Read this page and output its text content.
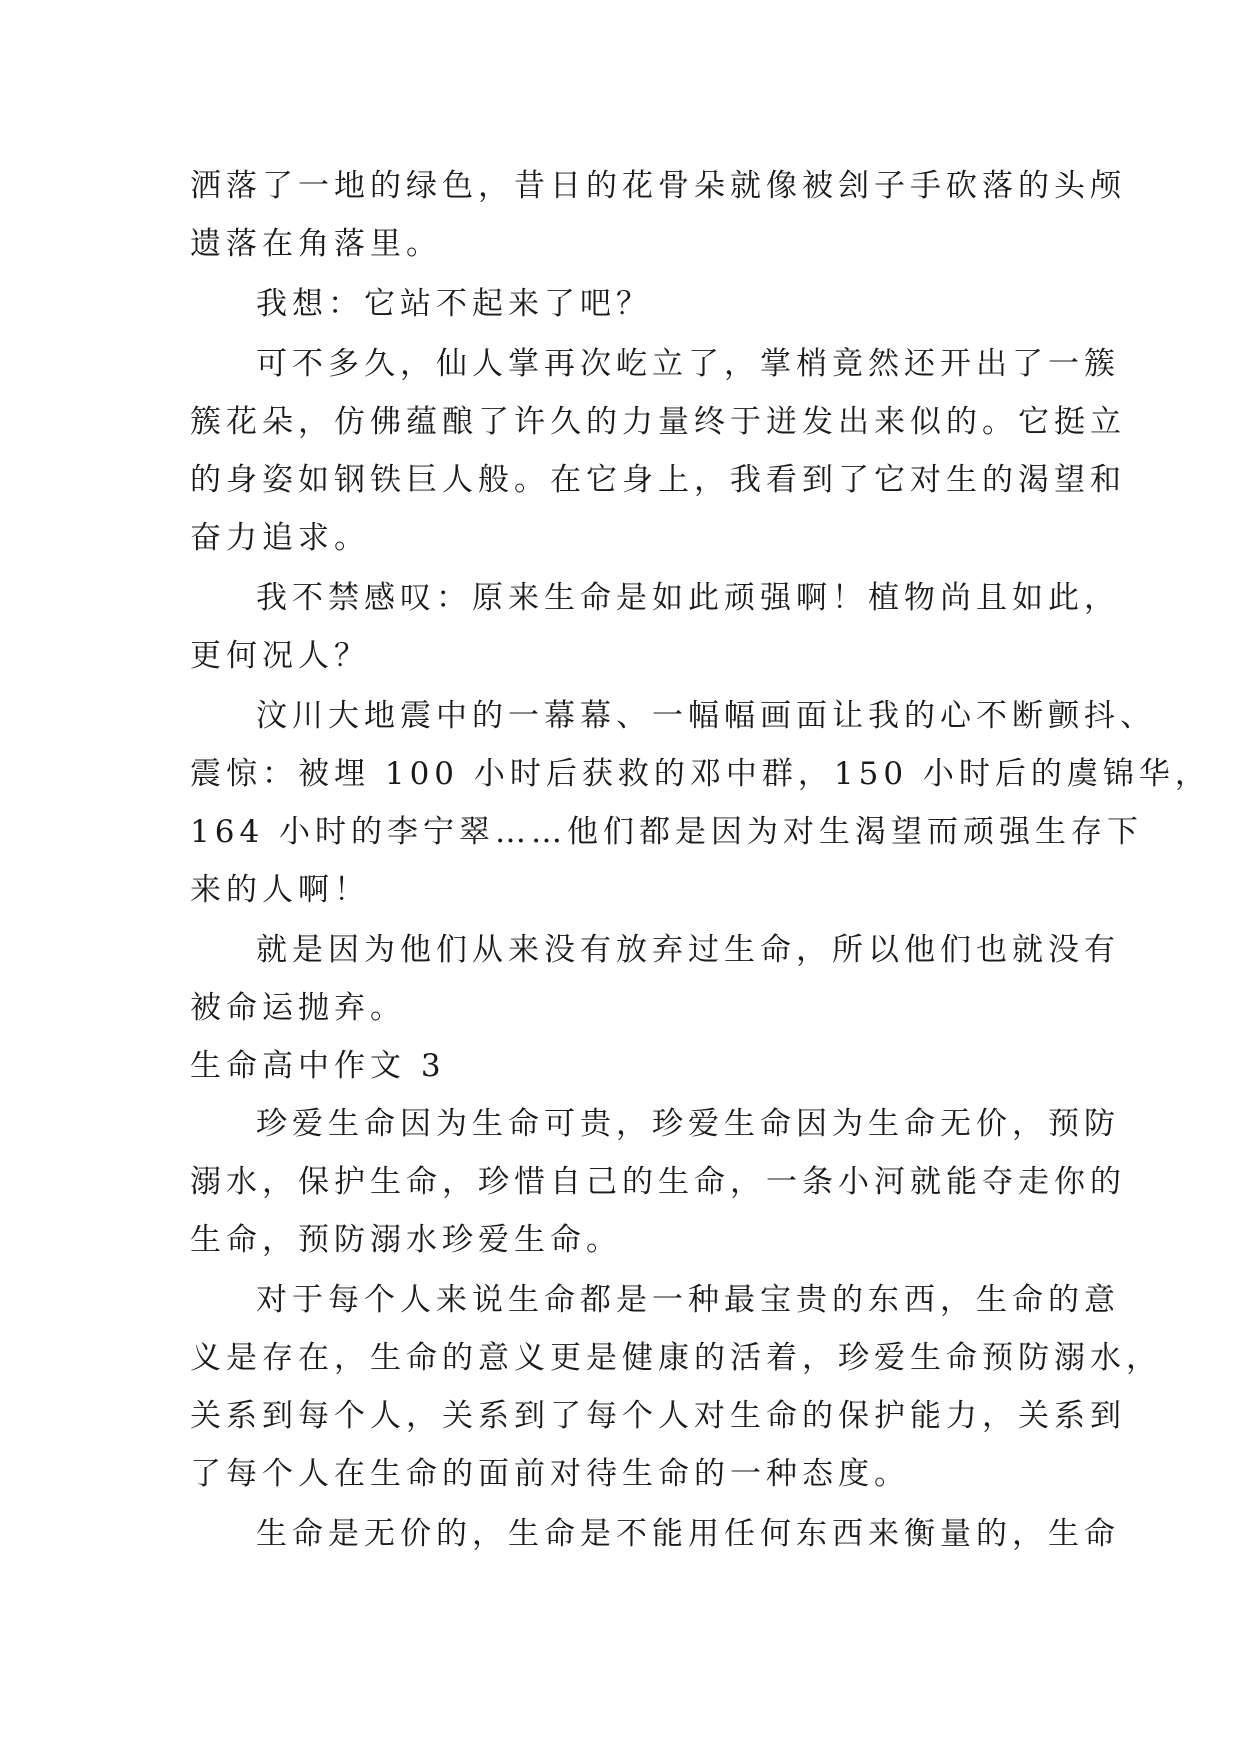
洒落了一地的绿色，昔日的花骨朵就像被刽子手砍落的头颅

遗落在角落里。

我想：它站不起来了吧？

可不多久，仙人掌再次屹立了，掌梢竟然还开出了一簇

簇花朵，仿佛蕴酿了许久的力量终于迸发出来似的。它挺立

的身姿如钢铁巨人般。在它身上，我看到了它对生的渴望和

奋力追求。

我不禁感叹：原来生命是如此顽强啊！植物尚且如此，

更何况人？

汶川大地震中的一幕幕、一幅幅画面让我的心不断颤抖、

震惊：被埋 100 小时后获救的邓中群，150 小时后的虞锦华，

164 小时的李宁翠……他们都是因为对生渴望而顽强生存下

来的人啊！

就是因为他们从来没有放弃过生命，所以他们也就没有

被命运抛弃。

生命高中作文 3

珍爱生命因为生命可贵，珍爱生命因为生命无价，预防

溺水，保护生命，珍惜自己的生命，一条小河就能夺走你的

生命，预防溺水珍爱生命。

对于每个人来说生命都是一种最宝贵的东西，生命的意

义是存在，生命的意义更是健康的活着，珍爱生命预防溺水，

关系到每个人，关系到了每个人对生命的保护能力，关系到

了每个人在生命的面前对待生命的一种态度。

生命是无价的，生命是不能用任何东西来衡量的，生命
